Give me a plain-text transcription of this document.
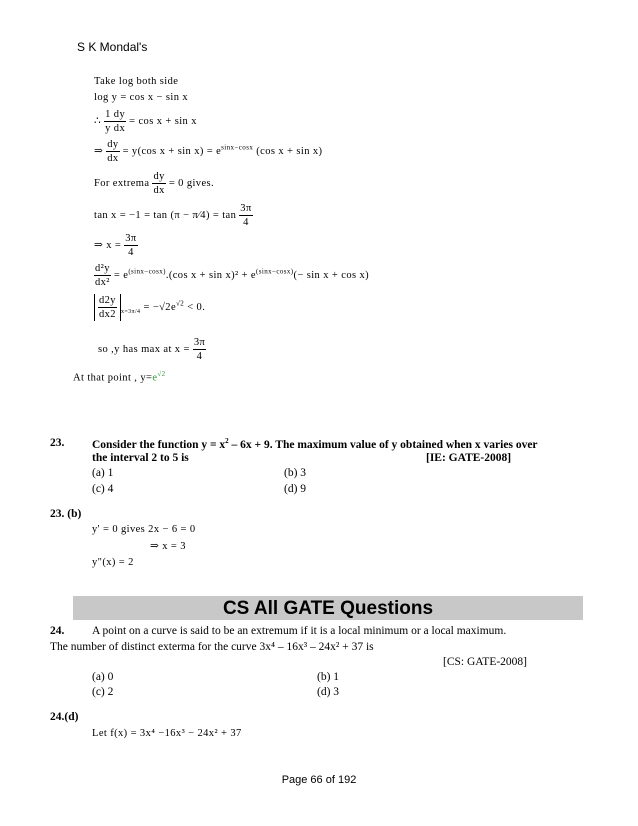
S K Mondal's
Take log both side
log y = cos x − sin x
∴ $\frac{1 dy}{\text{y dx}} = \cos x + \sin x$
⇒ $\frac{dy}{dx} = y(\cos$ $x + \sin x) = e^{sinx-cosx}$ (cos x + sin x)
For extrema $\frac{dy}{dx} = 0$ gives.
tan x = −1 = tan (π − π⁄4) = $\tan \frac{3\pi}{4}$
⇒ $x = \frac{3\pi}{4}$
$\frac{\text{d²y}}{\text{dx²}} = e^{(sinx-cosx)}.(\cos$ $x + \sin x)^2 + e^{(sinx-cosx)}(- \sin x + \cos x)$
$\frac{d2y}{dx2} _{x=3\pi/4} = -√2e^{√2} < 0$.
so ,y has max at $x = \frac{3\pi}{4}$
At that point , $y=e^{√2}$
23. Consider the function $y = x^2 - 6x + 9$. The maximum value of y obtained when x varies over
the interval 2 to 5 is	[IE: GATE-2008]
(a) 1	(b) 3
(c) 4	(d) 9
23. (b)
y' = 0 gives 2x − 6 = 0
⇒ x = 3
y"(x) = 2
CS All GATE Questions
24. A point on a curve is said to be an extremum if it is a local minimum or a local maximum.
The number of distinct exterma for the curve 3x⁴ – 16x³ – 24x² + 37 is
[CS: GATE-2008]
(a) 0	(b) 1
(c) 2	(d) 3
24.(d)
Let f(x) = 3x⁴ −16x³ − 24x² + 37
Page 66 of 192
